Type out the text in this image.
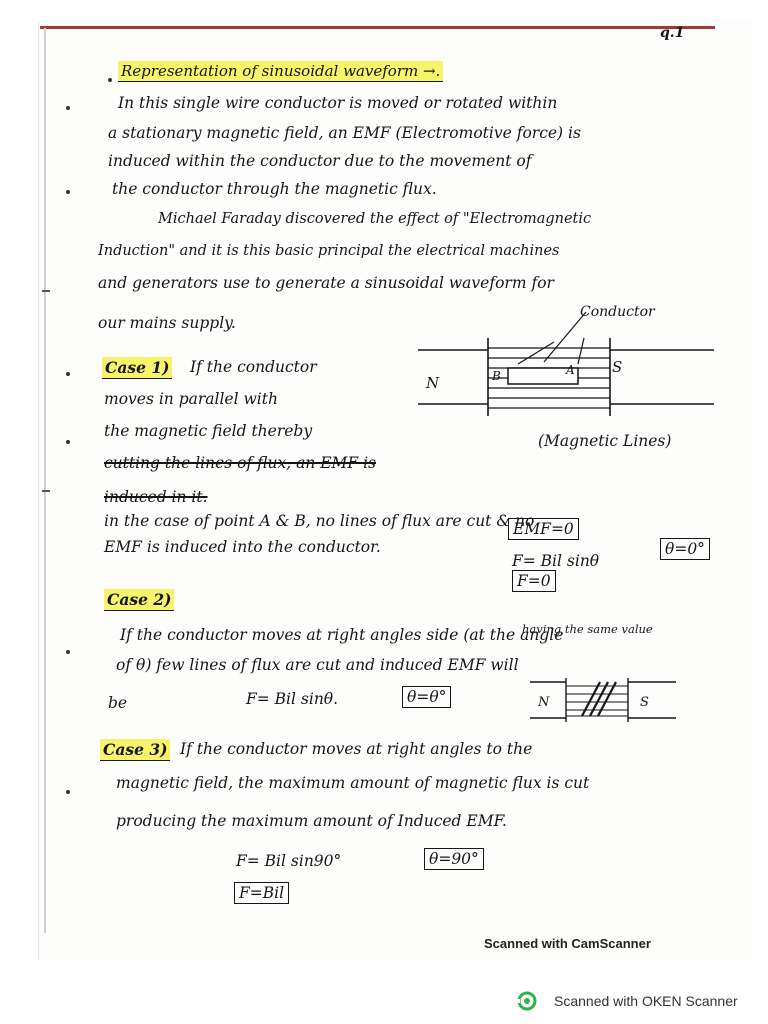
q.1
Representation of sinusoidal waveform →.
In this single wire conductor is moved or rotated within
a stationary magnetic field, an EMF (Electromotive force) is
induced within the conductor due to the movement of
the conductor through the magnetic flux.
Michael Faraday discovered the effect of "Electromagnetic
Induction" and it is this basic principal the electrical machines
and generators use to generate a sinusoidal waveform for
our mains supply.
Conductor
N
S
B	A
Case 1) If the conductor
moves in parallel with
the magnetic field thereby
cutting the lines of flux, an EMF is
(Magnetic Lines)
induced in it.
in the case of point A & B, no lines of flux are cut & no
EMF is induced into the conductor.
EMF=0
F= Bil sinθ
θ=0°
F=0
Case 2)
If the conductor moves at right angles side (at the angle
having the same value
of θ) few lines of flux are cut and induced EMF will
be	F= Bil sinθ.	θ=θ°	N	S
Case 3) If the conductor moves at right angles to the
magnetic field, the maximum amount of magnetic flux is cut
producing the maximum amount of Induced EMF.
F= Bil sin90°	θ=90°
F=Bil
Scanned with CamScanner
Scanned with OKEN Scanner
